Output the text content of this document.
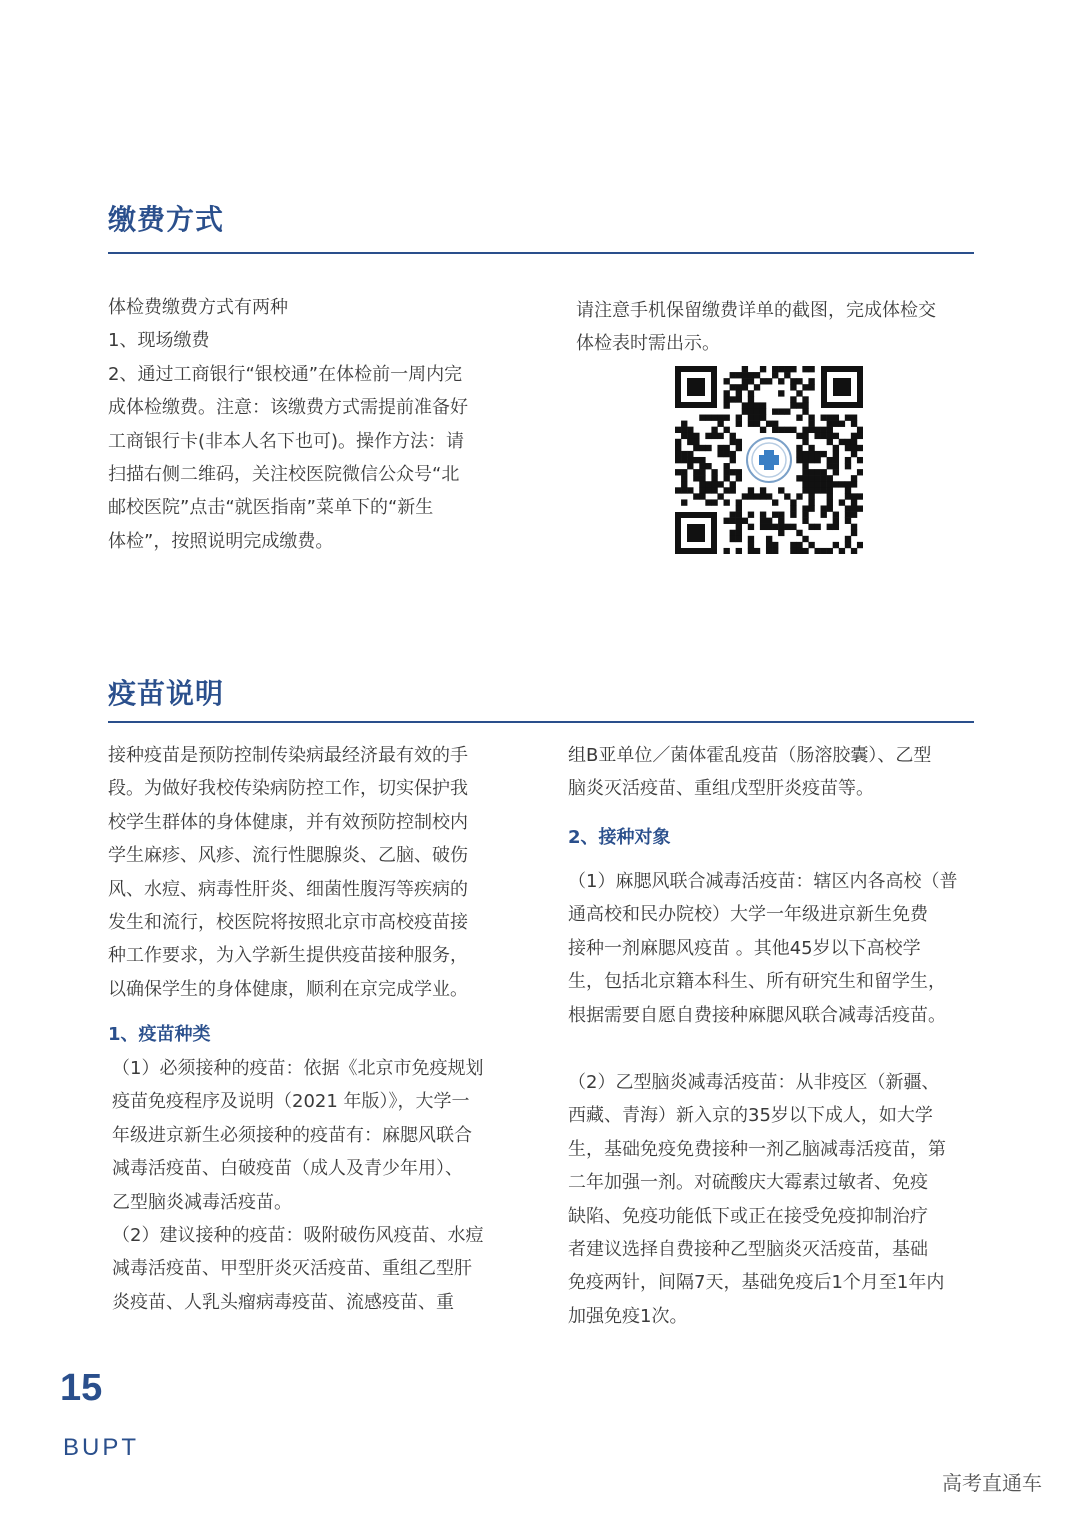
缴费方式
体检费缴费方式有两种
1、现场缴费
2、通过工商银行“银校通”在体检前一周内完
成体检缴费。注意：该缴费方式需提前准备好
工商银行卡(非本人名下也可)。操作方法：请
扫描右侧二维码，关注校医院微信公众号“北
邮校医院”点击“就医指南”菜单下的“新生
体检”，按照说明完成缴费。
请注意手机保留缴费详单的截图，完成体检交
体检表时需出示。
疫苗说明
接种疫苗是预防控制传染病最经济最有效的手
段。为做好我校传染病防控工作，切实保护我
校学生群体的身体健康，并有效预防控制校内
学生麻疹、风疹、流行性腮腺炎、乙脑、破伤
风、水痘、病毒性肝炎、细菌性腹泻等疾病的
发生和流行，校医院将按照北京市高校疫苗接
种工作要求，为入学新生提供疫苗接种服务，
以确保学生的身体健康，顺利在京完成学业。
1、疫苗种类
（1）必须接种的疫苗：依据《北京市免疫规划
疫苗免疫程序及说明（2021 年版）》，大学一
年级进京新生必须接种的疫苗有：麻腮风联合
减毒活疫苗、白破疫苗（成人及青少年用）、
乙型脑炎减毒活疫苗。
（2）建议接种的疫苗：吸附破伤风疫苗、水痘
减毒活疫苗、甲型肝炎灭活疫苗、重组乙型肝
炎疫苗、人乳头瘤病毒疫苗、流感疫苗、重
组B亚单位／菌体霍乱疫苗（肠溶胶囊）、乙型
脑炎灭活疫苗、重组戊型肝炎疫苗等。
2、接种对象
（1）麻腮风联合减毒活疫苗：辖区内各高校（普
通高校和民办院校）大学一年级进京新生免费
接种一剂麻腮风疫苗 。其他45岁以下高校学
生，包括北京籍本科生、所有研究生和留学生，
根据需要自愿自费接种麻腮风联合减毒活疫苗。
（2）乙型脑炎减毒活疫苗：从非疫区（新疆、
西藏、青海）新入京的35岁以下成人，如大学
生，基础免疫免费接种一剂乙脑减毒活疫苗，第
二年加强一剂。对硫酸庆大霉素过敏者、免疫
缺陷、免疫功能低下或正在接受免疫抑制治疗
者建议选择自费接种乙型脑炎灭活疫苗，基础
免疫两针，间隔7天，基础免疫后1个月至1年内
加强免疫1次。
15
BUPT
高考直通车
